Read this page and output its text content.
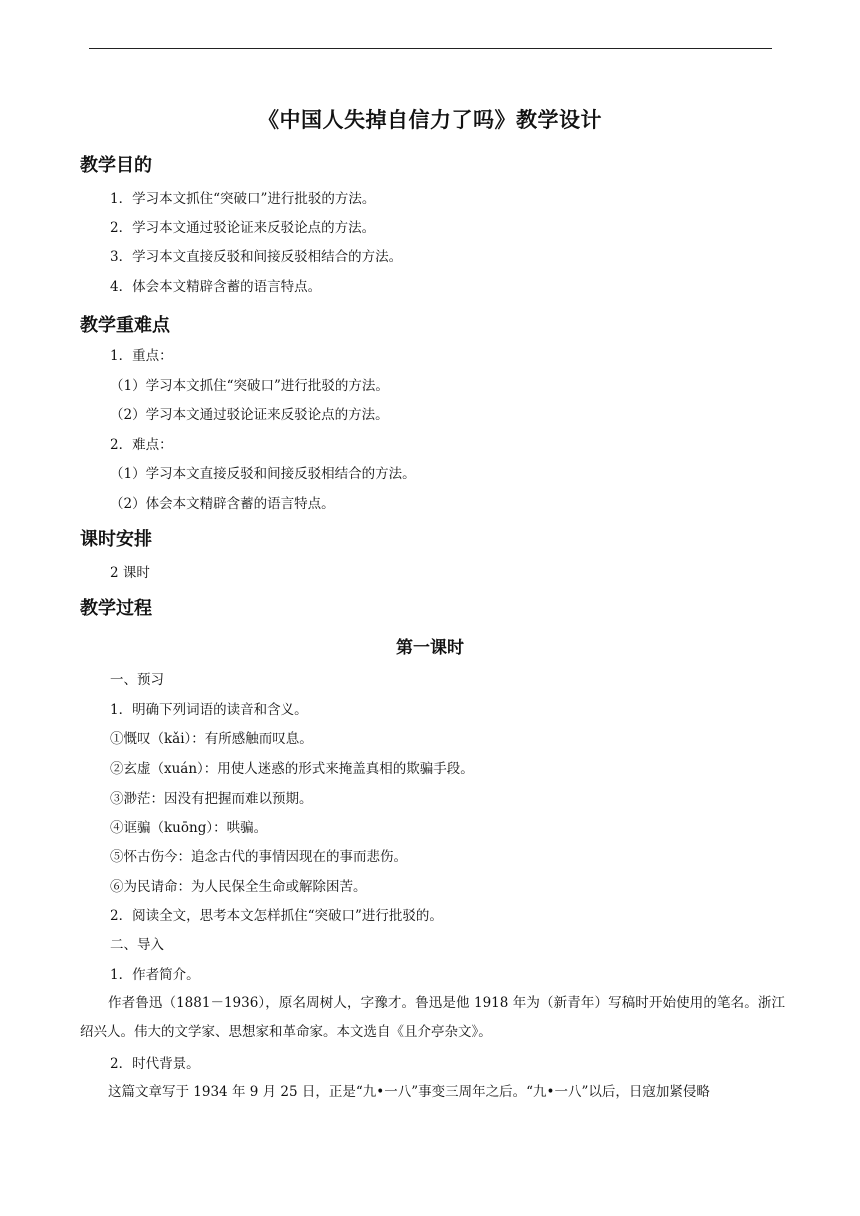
《中国人失掉自信力了吗》教学设计
教学目的
1．学习本文抓住“突破口”进行批驳的方法。
2．学习本文通过驳论证来反驳论点的方法。
3．学习本文直接反驳和间接反驳相结合的方法。
4．体会本文精辟含蓄的语言特点。
教学重难点
1．重点：
（1）学习本文抓住“突破口”进行批驳的方法。
（2）学习本文通过驳论证来反驳论点的方法。
2．难点：
（1）学习本文直接反驳和间接反驳相结合的方法。
（2）体会本文精辟含蓄的语言特点。
课时安排
2 课时
教学过程
第一课时
一、预习
1．明确下列词语的读音和含义。
①慨叹（kǎi）：有所感触而叹息。
②玄虚（xuán）：用使人迷惑的形式来掩盖真相的欺骗手段。
③渺茫：因没有把握而难以预期。
④诓骗（kuōng）：哄骗。
⑤怀古伤今：追念古代的事情因现在的事而悲伤。
⑥为民请命：为人民保全生命或解除困苦。
2．阅读全文，思考本文怎样抓住“突破口”进行批驳的。
二、导入
1．作者简介。
作者鲁迅（1881－1936），原名周树人，字豫才。鲁迅是他 1918 年为（新青年）写稿时开始使用的笔名。浙江绍兴人。伟大的文学家、思想家和革命家。本文选自《且介亭杂文》。
2．时代背景。
这篇文章写于 1934 年 9 月 25 日，正是“九•一八”事变三周年之后。“九•一八”以后，日寇加紧侵略
